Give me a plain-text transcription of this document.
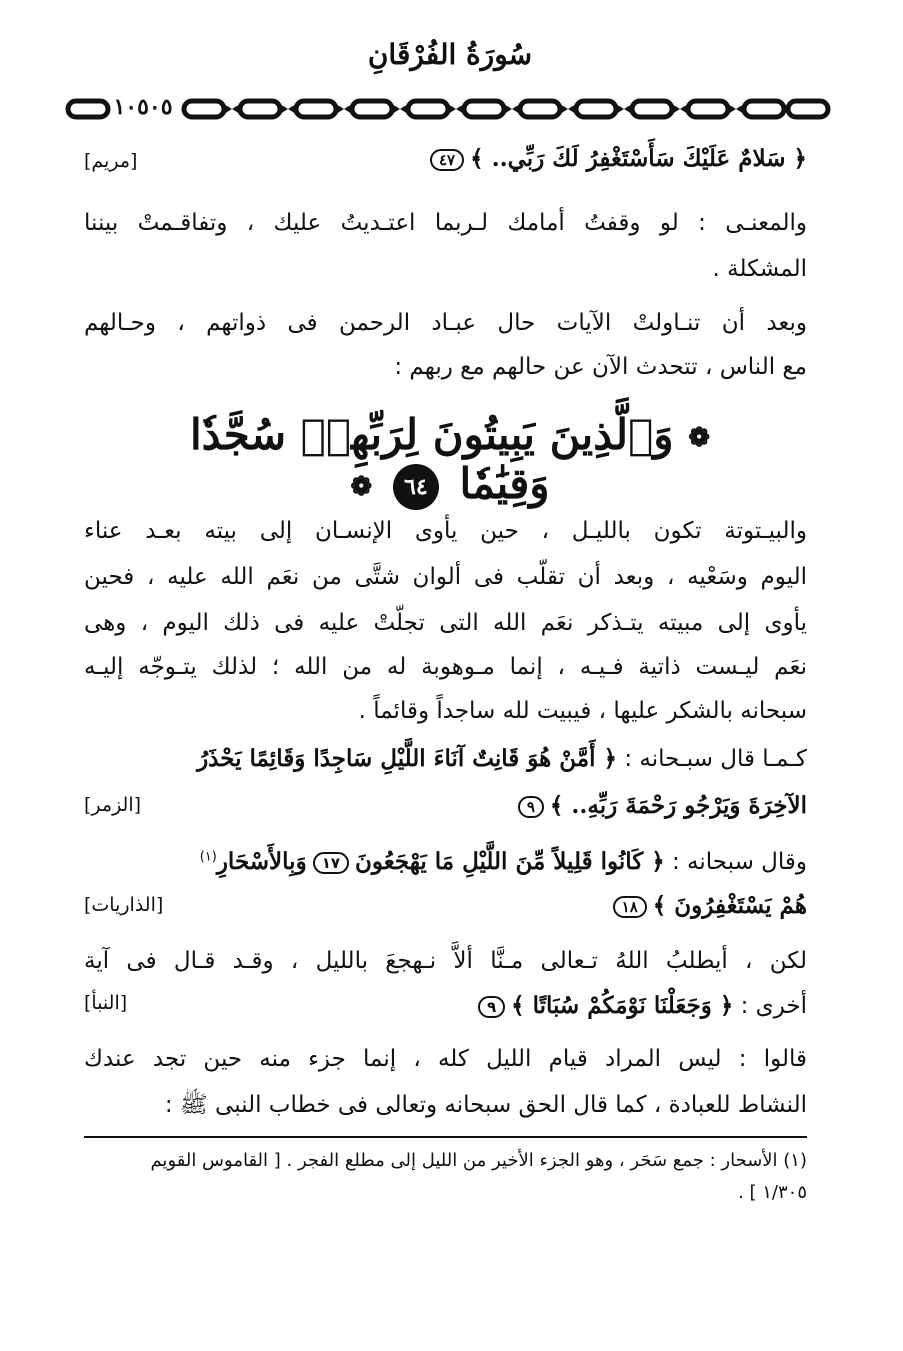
سُورَةُ الفُرْقَانِ
١٠٥٠٥
﴿ سَلامٌ عَلَيْكَ سَأَسْتَغْفِرُ لَكَ رَبِّي.. ﴾٤٧
[مريم]
والمعنـى : لو وقفتُ أمامك لـربما اعتـديتُ عليك ، وتفاقـمتْ بيننا
المشكلة .
وبعد أن تنـاولتْ الآيات حال عبـاد الرحمن فى ذواتهم ، وحـالهم
مع الناس ، تتحدث الآن عن حالهم مع ربهم :
❁ وَٱلَّذِينَ يَبِيتُونَ لِرَبِّهِمۡ سُجَّدٗا وَقِيَٰمٗا ٦٤ ❁
والبيـتوتة تكون بالليـل ، حين يأوى الإنسـان إلى بيته بعـد عناء
اليوم وسَعْيه ، وبعد أن تقلّب فى ألوان شتَّى من نعَم الله عليه ، فحين
يأوى إلى مبيته يتـذكر نعَم الله التى تجلّتْ عليه فى ذلك اليوم ، وهى
نعَم ليـست ذاتية فـيـه ، إنما مـوهوبة له من الله ؛ لذلك يتـوجّه إليـه
سبحانه بالشكر عليها ، فيبيت لله ساجداً وقائماً .
كـمـا قال سبـحانه : ﴿ أَمَّنْ هُوَ قَانِتٌ آنَاءَ اللَّيْلِ سَاجِدًا وَقَائِمًا يَحْذَرُ
الآخِرَةَ وَيَرْجُو رَحْمَةَ رَبِّهِ.. ﴾٩
[الزمر]
وقال سبحانه : ﴿ كَانُوا قَلِيلاً مِّنَ اللَّيْلِ مَا يَهْجَعُونَ١٧وَبِالأَسْحَارِ$^{(١)}$
هُمْ يَسْتَغْفِرُونَ ﴾١٨
[الذاريات]
لكن ، أيطلبُ اللهُ تـعالى مـنَّا ألاَّ نـهجعَ بالليل ، وقـد قـال فى آية
أخرى : ﴿ وَجَعَلْنَا نَوْمَكُمْ سُبَاتًا ﴾٩
[النبأ]
قالوا : ليس المراد قيام الليل كله ، إنما جزء منه حين تجد عندك
النشاط للعبادة ، كما قال الحق سبحانه وتعالى فى خطاب النبى ﷺ :
(١) الأسحار : جمع سَحَر ، وهو الجزء الأخير من الليل إلى مطلع الفجر . [ القاموس القويم
١/٣٠٥ ] .
